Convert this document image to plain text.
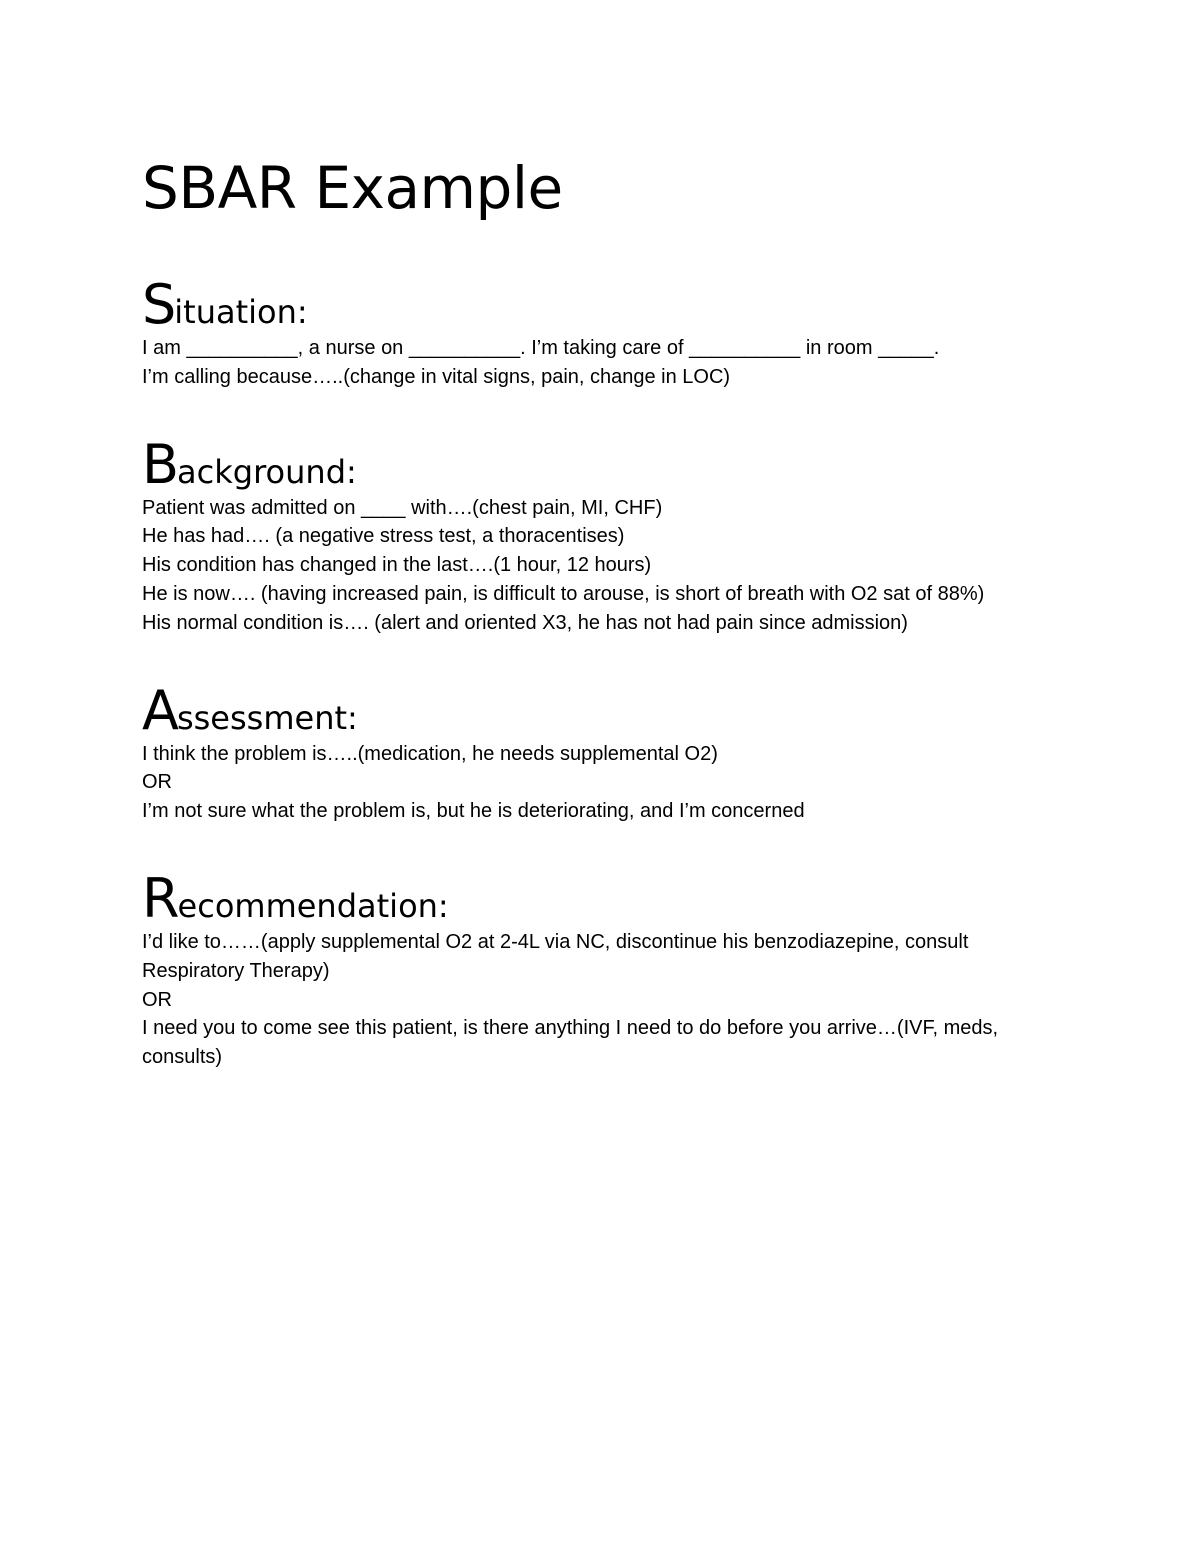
SBAR Example
Situation:
I am __________, a nurse on __________. I’m taking care of __________ in room _____.
I’m calling because…..(change in vital signs, pain, change in LOC)
Background:
Patient was admitted on ____ with….(chest pain, MI, CHF)
He has had…. (a negative stress test, a thoracentises)
His condition has changed in the last….(1 hour, 12 hours)
He is now…. (having increased pain, is difficult to arouse, is short of breath with O2 sat of 88%)
His normal condition is…. (alert and oriented X3, he has not had pain since admission)
Assessment:
I think the problem is…..(medication, he needs supplemental O2)
OR
I’m not sure what the problem is, but he is deteriorating, and I’m concerned
Recommendation:
I’d like to……(apply supplemental O2 at 2-4L via NC, discontinue his benzodiazepine, consult Respiratory Therapy)
OR
I need you to come see this patient, is there anything I need to do before you arrive…(IVF, meds, consults)
